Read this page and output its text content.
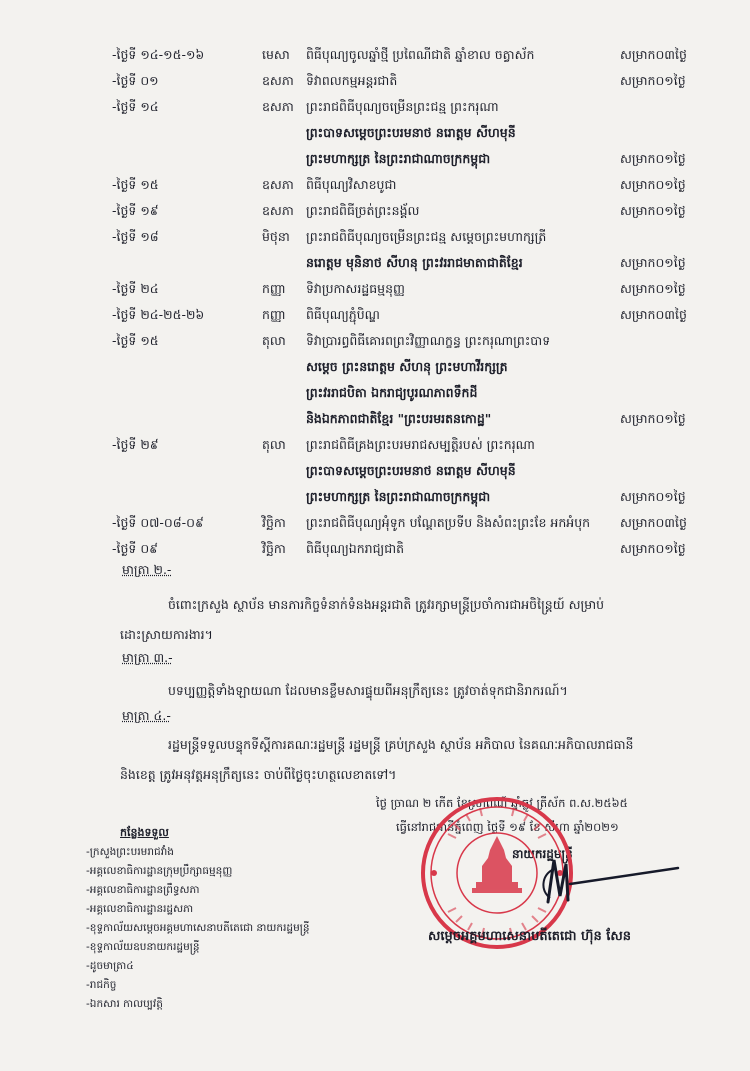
-ថ្ងៃទី ១៤-១៥-១៦	មេសា ពិធីបុណ្យចូលឆ្នាំថ្មី ប្រពៃណីជាតិ ឆ្នាំខាល ចត្វាស័ក	សម្រាក០៣ថ្ងៃ
-ថ្ងៃទី ០១	ឧសភា ទិវាពលកម្មអន្តរជាតិ	សម្រាក០១ថ្ងៃ
-ថ្ងៃទី ១៤	ឧសភា ព្រះរាជពិធីបុណ្យចម្រើនព្រះជន្ម ព្រះករុណា
ព្រះបាទសម្តេចព្រះបរមនាថ នរោត្តម សីហមុនី
ព្រះមហាក្សត្រ នៃព្រះរាជាណាចក្រកម្ពុជា	សម្រាក០១ថ្ងៃ
-ថ្ងៃទី ១៥	ឧសភា ពិធីបុណ្យវិសាខបូជា	សម្រាក០១ថ្ងៃ
-ថ្ងៃទី ១៩	ឧសភា ព្រះរាជពិធីច្រត់ព្រះនង្គ័ល	សម្រាក០១ថ្ងៃ
-ថ្ងៃទី ១៨	មិថុនា ព្រះរាជពិធីបុណ្យចម្រើនព្រះជន្ម សម្តេចព្រះមហាក្សត្រី
នរោត្តម មុនិនាថ សីហនុ ព្រះវររាជមាតាជាតិខ្មែរ	សម្រាក០១ថ្ងៃ
-ថ្ងៃទី ២៤	កញ្ញា ទិវាប្រកាសរដ្ឋធម្មនុញ្ញ	សម្រាក០១ថ្ងៃ
-ថ្ងៃទី ២៤-២៥-២៦	កញ្ញា ពិធីបុណ្យភ្ជុំបិណ្ឌ	សម្រាក០៣ថ្ងៃ
-ថ្ងៃទី ១៥	តុលា ទិវាប្រារព្ធពិធីគោរពព្រះវិញ្ញាណក្ខន្ធ ព្រះករុណាព្រះបាទ
សម្តេច ព្រះនរោត្តម សីហនុ ព្រះមហាវីរក្សត្រ
ព្រះវររាជបិតា ឯករាជ្យបូរណភាពទឹកដី
និងឯកភាពជាតិខ្មែរ "ព្រះបរមរតនកោដ្ឋ"	សម្រាក០១ថ្ងៃ
-ថ្ងៃទី ២៩	តុលា ព្រះរាជពិធីគ្រងព្រះបរមរាជសម្បត្តិរបស់ ព្រះករុណា
ព្រះបាទសម្តេចព្រះបរមនាថ នរោត្តម សីហមុនី
ព្រះមហាក្សត្រ នៃព្រះរាជាណាចក្រកម្ពុជា	សម្រាក០១ថ្ងៃ
-ថ្ងៃទី ០៧-០៨-០៩	វិច្ឆិកា ព្រះរាជពិធីបុណ្យអុំទូក បណ្តែតប្រទីប និងសំពះព្រះខែ អកអំបុក សម្រាក០៣ថ្ងៃ
-ថ្ងៃទី ០៩	វិច្ឆិកា ពិធីបុណ្យឯករាជ្យជាតិ	សម្រាក០១ថ្ងៃ
មាត្រា ២.-
ចំពោះក្រសួង ស្ថាប័ន មានភារកិច្ចទំនាក់ទំនងអន្តរជាតិ ត្រូវរក្សាមន្ត្រីប្រចាំការជាអចិន្ត្រៃយ៍ សម្រាប់
ដោះស្រាយការងារ។
មាត្រា ៣.-
បទប្បញ្ញត្តិទាំងឡាយណា ដែលមានខ្លឹមសារផ្ទុយពីអនុក្រឹត្យនេះ ត្រូវចាត់ទុកជានិរាករណ៍។
មាត្រា ៤.-
រដ្ឋមន្ត្រីទទួលបន្ទុកទីស្តីការគណៈរដ្ឋមន្ត្រី រដ្ឋមន្ត្រី គ្រប់ក្រសួង ស្ថាប័ន អភិបាល នៃគណៈអភិបាលរាជធានី
និងខេត្ត ត្រូវអនុវត្តអនុក្រឹត្យនេះ ចាប់ពីថ្ងៃចុះហត្ថលេខាតទៅ។
ថ្ងៃ ច្រាណ ២ កើត ខែស្រាពណ៍ ឆ្នាំឆ្លូវ ត្រីស័ក ព.ស.២៥៦៥
ធ្វើនៅរាជធានីភ្នំពេញ ថ្ងៃទី ១៩ ខែ សីហា ឆ្នាំ២០២១
នាយករដ្ឋមន្ត្រី
សម្តេចអគ្គមហាសេនាបតីតេជោ ហ៊ុន សែន
កន្លែងទទួល
-ក្រសួងព្រះបរមរាជវាំង
-អគ្គលេខាធិការដ្ឋានក្រុមប្រឹក្សាធម្មនុញ្ញ
-អគ្គលេខាធិការដ្ឋានព្រឹទ្ធសភា
-អគ្គលេខាធិការដ្ឋានរដ្ឋសភា
-ខុទ្ទកាល័យសម្តេចអគ្គមហាសេនាបតីតេជោ នាយករដ្ឋមន្ត្រី
-ខុទ្ទកាល័យឧបនាយករដ្ឋមន្ត្រី
-ដូចមាត្រា៤
-រាជកិច្ច
-ឯកសារ កាលប្បវត្តិ
